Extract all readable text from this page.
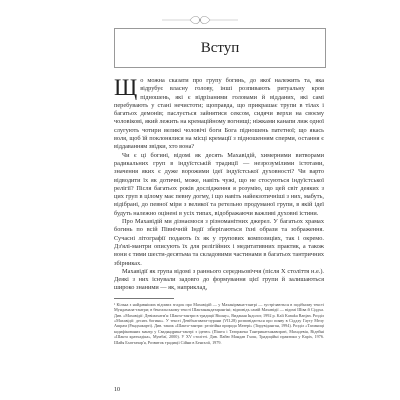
Вступ

Що можна сказати про групу богинь, до якої належить та, яка відрубує власну голову, інші розпивають ритуальну кров підношень, які є відрізаними головами й відданих, які самі перебувають у стані нечистоти; щоправда, що прикрашає трупи в тілах і багатьох демонів; паслується зайнятися сексом, сидячи верхи на своєму чоловікові, який лежить на кремаційному вогнищі; ніжками канапи лиж одної слугують чотири великі чоловічі боги Бога підношень патетної; що якась воля, щоб їй поклонялися на місці кремації з підношенням сперми, остання є віддаванням звідки, хто вона?

Чи є ці богині, відомі як десять Махавідій, химерними витворами радикальних груп в індуїстській традиції — незрозумілими істотами, значення яких є дуже ворожими ідеї індуїстської духовності? Чи варто відводити їх як дотичні, може, навіть чужі, що не стосуються індуїстської релігії? Після багатьох років дослідження я розумію, що цей світ деяких з цих груп в цілому має певну догму, і що навіть найекзотичніші з них, мабуть, відібрані, до певної міри з великої та ретельно продуманої групи, в якій ідеї будуть належно оцінені в усіх типах, відображаючи важливі духовні істини.

Про Махавідій ми дізнаємося з різноманітних джерел. У багатьох храмах богинь по всій Північній Індії зберігаються їхні образи та зображення. Сучасні літографії подають їх як у групових композиціях, так і окремо. Дз'ялі-мантри описують їх для релігійних і медитативних практик, а також вони є тими шести-десятьма та складовими частинами в багатьох тантричних збірниках.

Махавідії як група відомі з раннього середньовіччя (після X століття н.е.). Деякі з них існували задовго до формування цієї групи й залишаються широко знаними — як, наприклад,

¹ Кілька з найдавніших відомих згадок про Махавідій — у Маханірвана-тантрі — зустрічаються в подібному тексті Мундамала-тантри; в бенгальському тексті Шактанандатарангіні; відповідь самій Махавідії — відомі Шіва й Сіддха. Див. «Махавідії: Девімахатм'я: Шакта-тантри в традиції Вішну», Видання Індолог, 1992 р. Kali Kanaka Ranjan. Розділ «Махавідії: десять богинь». У тексті Девібхагавата-пурани (VII.28) розповідається про появу в Сіддху Гауту Мелу Ашрам (Рандхакарті). Див. також «Шакта-тантри: релігійна природа Матері» (Тирувіданган, 1994). Розділ «Таємниці кодифікованих мантр у Свадяндрика-тантрі з ідеєю» (Пішта і Таторжека Тантрикатхакавпраті, Махадевія, Відейні «Шакта кратхадіка», Мумбаї, 2000). У XV столітті. Див. Пайю Мандав Гхош, Традиційні практики у Каріх, 1976. Шайя Бхаттачар'я, Розвиток традиції Сійни в Бенгалії, 1979.

10
